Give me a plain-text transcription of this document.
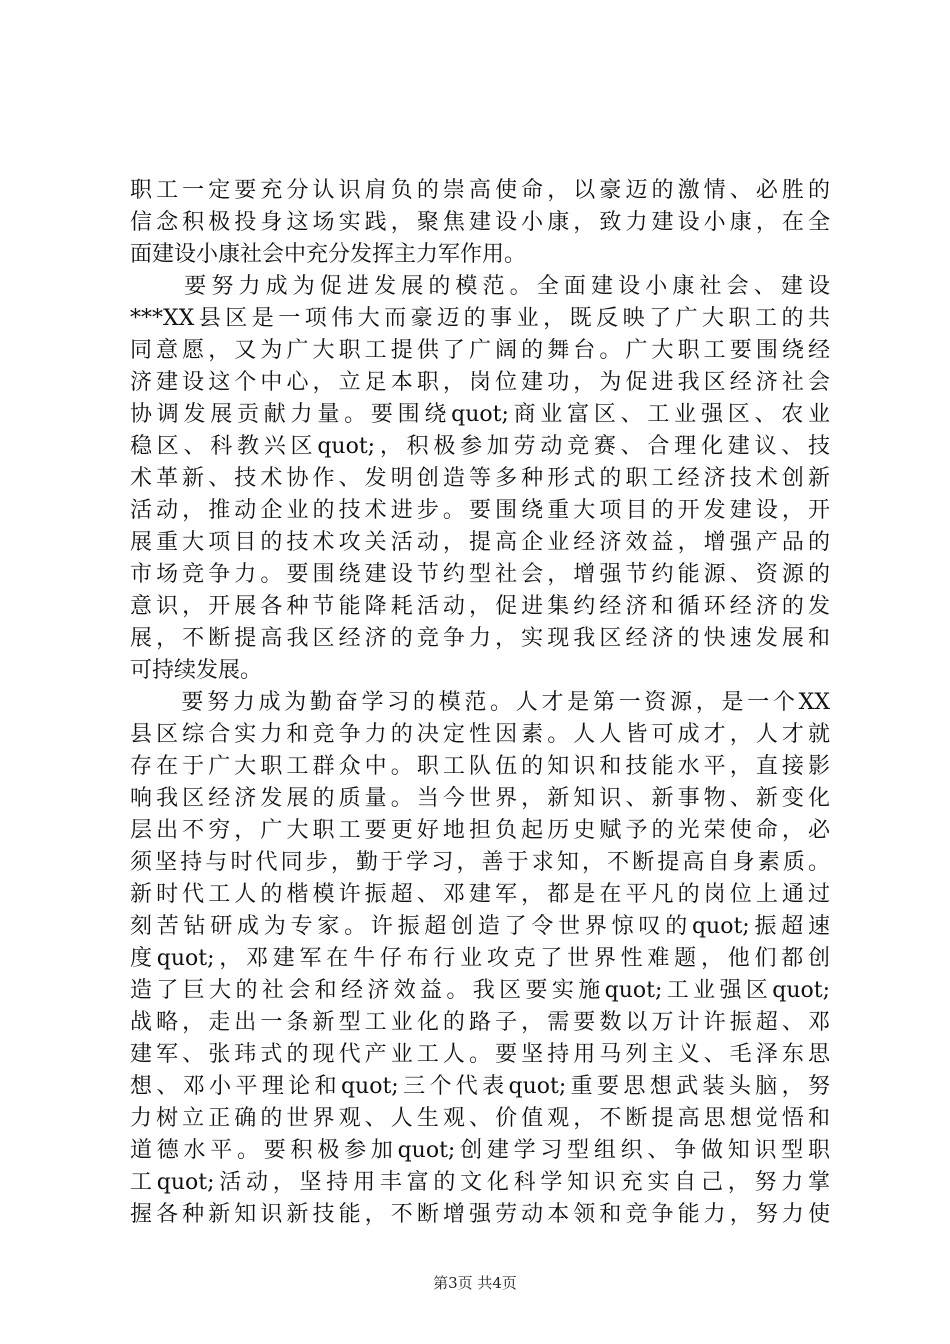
职工一定要充分认识肩负的崇高使命，以豪迈的激情、必胜的
信念积极投身这场实践，聚焦建设小康，致力建设小康，在全
面建设小康社会中充分发挥主力军作用。
　　要努力成为促进发展的模范。全面建设小康社会、建设
***XX县区是一项伟大而豪迈的事业，既反映了广大职工的共
同意愿，又为广大职工提供了广阔的舞台。广大职工要围绕经
济建设这个中心，立足本职，岗位建功，为促进我区经济社会
协调发展贡献力量。要围绕quot;商业富区、工业强区、农业
稳区、科教兴区quot;，积极参加劳动竞赛、合理化建议、技
术革新、技术协作、发明创造等多种形式的职工经济技术创新
活动，推动企业的技术进步。要围绕重大项目的开发建设，开
展重大项目的技术攻关活动，提高企业经济效益，增强产品的
市场竞争力。要围绕建设节约型社会，增强节约能源、资源的
意识，开展各种节能降耗活动，促进集约经济和循环经济的发
展，不断提高我区经济的竞争力，实现我区经济的快速发展和
可持续发展。
　　要努力成为勤奋学习的模范。人才是第一资源，是一个XX
县区综合实力和竞争力的决定性因素。人人皆可成才，人才就
存在于广大职工群众中。职工队伍的知识和技能水平，直接影
响我区经济发展的质量。当今世界，新知识、新事物、新变化
层出不穷，广大职工要更好地担负起历史赋予的光荣使命，必
须坚持与时代同步，勤于学习，善于求知，不断提高自身素质。
新时代工人的楷模许振超、邓建军，都是在平凡的岗位上通过
刻苦钻研成为专家。许振超创造了令世界惊叹的quot;振超速
度quot;，邓建军在牛仔布行业攻克了世界性难题，他们都创
造了巨大的社会和经济效益。我区要实施quot;工业强区quot;
战略，走出一条新型工业化的路子，需要数以万计许振超、邓
建军、张玮式的现代产业工人。要坚持用马列主义、毛泽东思
想、邓小平理论和quot;三个代表quot;重要思想武装头脑，努
力树立正确的世界观、人生观、价值观，不断提高思想觉悟和
道德水平。要积极参加quot;创建学习型组织、争做知识型职
工quot;活动，坚持用丰富的文化科学知识充实自己，努力掌
握各种新知识新技能，不断增强劳动本领和竞争能力，努力使
第3页 共4页
